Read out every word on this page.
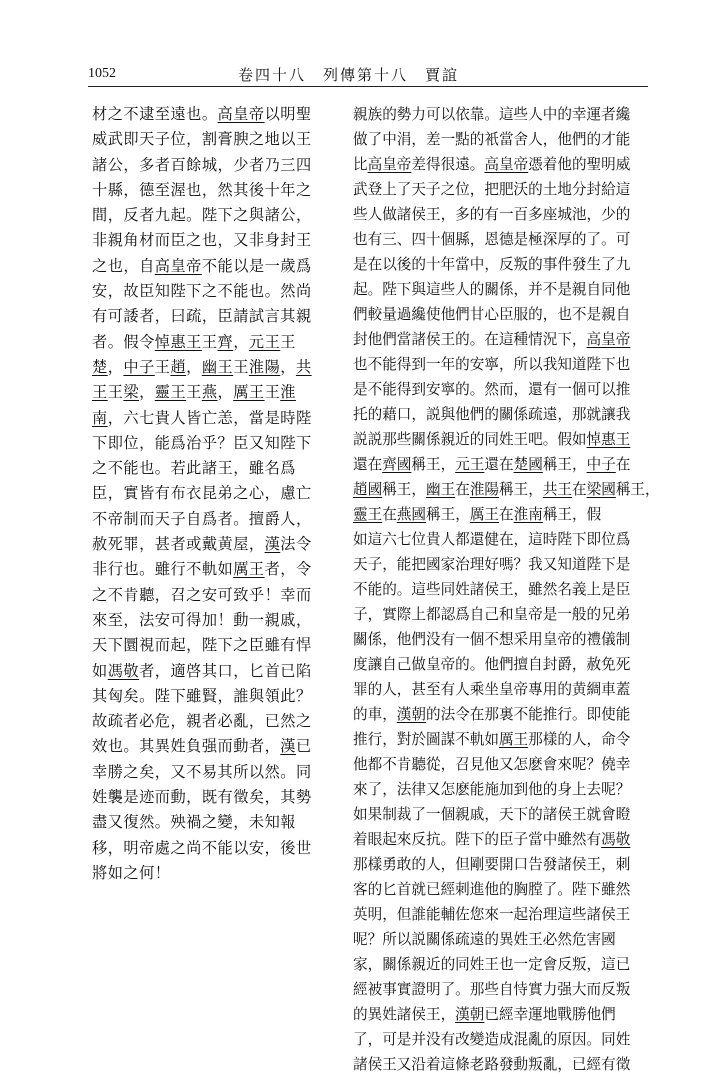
1052	卷四十八　列傳第十八　賈誼
材之不逮至遠也。高皇帝以明聖
威武即天子位，割膏腴之地以王
諸公，多者百餘城，少者乃三四
十縣，德至渥也，然其後十年之
間，反者九起。陛下之與諸公，
非親角材而臣之也，又非身封王
之也，自高皇帝不能以是一歲爲
安，故臣知陛下之不能也。然尚
有可諉者，曰疏，臣請試言其親
者。假令悼惠王王齊，元王王
楚，中子王趙，幽王王淮陽，共
王王梁，靈王王燕，厲王王淮
南，六七貴人皆亡恙，當是時陛
下即位，能爲治乎？臣又知陛下
之不能也。若此諸王，雖名爲
臣，實皆有布衣昆弟之心，慮亡
不帝制而天子自爲者。擅爵人，
赦死罪，甚者或戴黄屋，漢法令
非行也。雖行不軌如厲王者，令
之不肯聽，召之安可致乎！幸而
來至，法安可得加！動一親戚，
天下圜視而起，陛下之臣雖有悍
如馮敬者，適啓其口，匕首已陷
其匈矣。陛下雖賢，誰與領此？
故疏者必危，親者必亂，已然之
效也。其異姓負强而動者，漢已
幸勝之矣，又不易其所以然。同
姓襲是迹而動，既有徵矣，其勢
盡又復然。殃禍之變，未知報
移，明帝處之尚不能以安，後世
將如之何！
親族的勢力可以依靠。這些人中的幸運者纔
做了中涓，差一點的衹當舍人，他們的才能
比高皇帝差得很遠。高皇帝憑着他的聖明威
武登上了天子之位，把肥沃的土地分封給這
些人做諸侯王，多的有一百多座城池，少的
也有三、四十個縣，恩德是極深厚的了。可
是在以後的十年當中，反叛的事件發生了九
起。陛下與這些人的關係，并不是親自同他
們較量過纔使他們甘心臣服的，也不是親自
封他們當諸侯王的。在這種情況下，高皇帝
也不能得到一年的安寧，所以我知道陛下也
是不能得到安寧的。然而，還有一個可以推
托的藉口，説與他們的關係疏遠，那就讓我
説説那些關係親近的同姓王吧。假如悼惠王
還在齊國稱王，元王還在楚國稱王，中子在
趙國稱王，幽王在淮陽稱王，共王在梁國稱王，
靈王在燕國稱王，厲王在淮南稱王，假
如這六七位貴人都還健在，這時陛下即位爲
天子，能把國家治理好嗎？我又知道陛下是
不能的。這些同姓諸侯王，雖然名義上是臣
子，實際上都認爲自己和皇帝是一般的兄弟
關係，他們没有一個不想采用皇帝的禮儀制
度讓自己做皇帝的。他們擅自封爵，赦免死
罪的人，甚至有人乘坐皇帝專用的黄綢車蓋
的車，漢朝的法令在那裏不能推行。即使能
推行，對於圖謀不軌如厲王那樣的人，命令
他都不肯聽從，召見他又怎麽會來呢？僥幸
來了，法律又怎麽能施加到他的身上去呢？
如果制裁了一個親戚，天下的諸侯王就會瞪
着眼起來反抗。陛下的臣子當中雖然有馮敬
那樣勇敢的人，但剛要開口告發諸侯王，刺
客的匕首就已經刺進他的胸膛了。陛下雖然
英明，但誰能輔佐您來一起治理這些諸侯王
呢？所以説關係疏遠的異姓王必然危害國
家，關係親近的同姓王也一定會反叛，這已
經被事實證明了。那些自恃實力强大而反叛
的異姓諸侯王，漢朝已經幸運地戰勝他們
了，可是并没有改變造成混亂的原因。同姓
諸侯王又沿着這條老路發動叛亂，已經有徵
